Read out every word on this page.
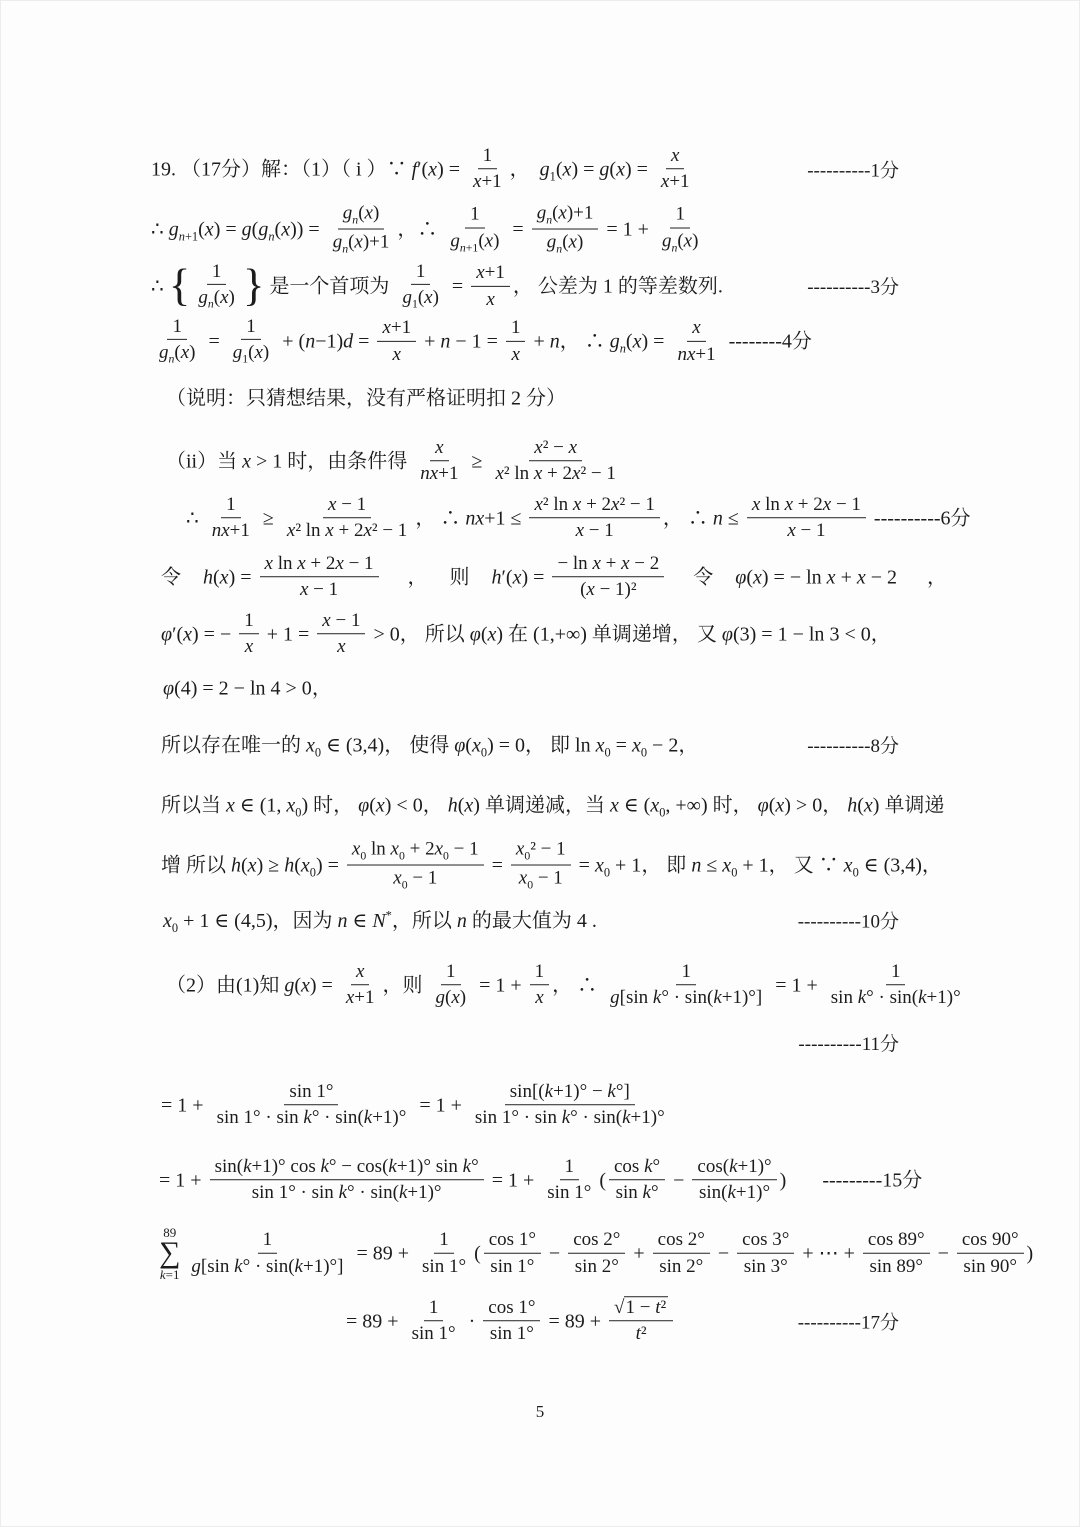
19. （17分）解：（1）（ i ）∵ $f'(x) = \frac{1}{x+1}$ ，  $g_1(x) = g(x) = \frac{x}{x+1}$	----------1分
∴ $g_{n+1}(x) = g(g_n(x)) = \frac{g_n(x)}{g_n(x)+1}$ ，∴ $\frac{1}{g_{n+1}(x)} = \frac{g_n(x)+1}{g_n(x)} = 1 + \frac{1}{g_n(x)}$
∴ { $\frac{1}{g_n(x)}$ } 是一个首项为 $\frac{1}{g_1(x)} = \frac{x+1}{x}$ ， 公差为 1 的等差数列.	----------3分
$\frac{1}{g_n(x)} = \frac{1}{g_1(x)} + (n-1)d = \frac{x+1}{x} + n - 1 = \frac{1}{x} + n$， ∴ $g_n(x) = \frac{x}{nx+1} --------4$分
（说明：只猜想结果，没有严格证明扣 2 分）
（ii）当 x > 1 时，由条件得 $\frac{x}{nx+1} \ge \frac{\text{x² − x}}{\text{x² ln x + 2x² − 1}}$
∴ $\frac{1}{nx+1} \ge \frac{x - 1}{\text{x² ln x + 2x² − 1}}$ ， ∴ $nx+1 \le \frac{\text{x² ln x + 2x² − 1}}{x - 1}$ ， ∴ $n \le \frac{\text{x ln x + 2x − 1}}{x - 1} ----------6$分
令 $h(x) = \frac{\text{x ln x + 2x − 1}}{x - 1}$ ， 则 $h'(x) = \frac{\text{− ln x + x − 2}}{\text{(x − 1)²}}$ 令 φ(x) = − ln x + x − 2 ，
φ′(x) = − $\frac{1}{x} + 1 = \frac{x - 1}{x} > 0$， 所以 φ(x) 在 (1,+∞) 单调递增， 又 φ(3) = 1 − ln 3 < 0，
φ(4) = 2 − ln 4 > 0，
所以存在唯一的 $x_0$ ∈ (3,4)， 使得 $\varphi(x_0) = 0$， 即 $\ln x_0 = x_0 - 2$，	----------8分
所以当 x ∈ (1, $x_0$) 时， φ(x) < 0， h(x) 单调递减，当 x ∈ ($x_0$, +∞) 时， φ(x) > 0， h(x) 单调递
增 所以 $h(x) \ge h(x_0) = \frac{x_0 \ln x_0 + 2x_0 - 1}{x_0 - 1} = \frac{x_0^2 - 1}{x_0 - 1} = x_0 + 1$， 即 $n \le x_0 + 1$， 又 ∵ $x_0$ ∈ (3,4)，
$x_0 + 1$ ∈ (4,5)，因为 n ∈ N*，所以 n 的最大值为 4 .	----------10分
（2）由(1)知 $g(x) = \frac{x}{x+1}$ ，则 $\frac{1}{g(x)} = 1 + \frac{1}{x}$ ， ∴ $\frac{1}{\text{g[sin k° · sin(k+1)°]}} = 1 + \frac{1}{\text{sin k° · sin(k+1)°}}$
----------11分
= $1 + \frac{\sin 1^\circ}{\text{sin 1° · sin k° · sin(k+1)°}} = 1 + \frac{\sin[(k+1)^\circ - k^\circ]}{\text{sin 1° · sin k° · sin(k+1)°}}$
= $1 + \frac{\text{sin(k+1)° cos k° − cos(k+1)° sin k°}}{\text{sin 1° · sin k° · sin(k+1)°}} = 1 + \frac{1}{\sin 1^\circ}$ ( $\frac{\text{cos k°}}{\text{sin k°}} - \frac{\cos(k+1)^\circ}{\sin(k+1)^\circ}$ ) ---------15分
89
∑
$k=1 \frac{1}{\text{g[sin k° · sin(k+1)°]}} = 89 + \frac{1}{\sin 1^\circ}$ ( $\frac{\cos 1^\circ}{\sin 1^\circ} - \frac{\cos 2^\circ}{\sin 2^\circ} + \frac{\cos 2^\circ}{\sin 2^\circ} - \frac{\cos 3^\circ}{\sin 3^\circ}$ + ⋯ + $\frac{\cos 89^\circ}{\sin 89^\circ} - \frac{\cos 90^\circ}{\sin 90^\circ}$ )
= $89 + \frac{1}{\sin 1^\circ} \cdot \frac{\cos 1^\circ}{\sin 1^\circ} = 89 + \frac{\text{√1 − t²}}{\text{t²}}$	----------17分
5
